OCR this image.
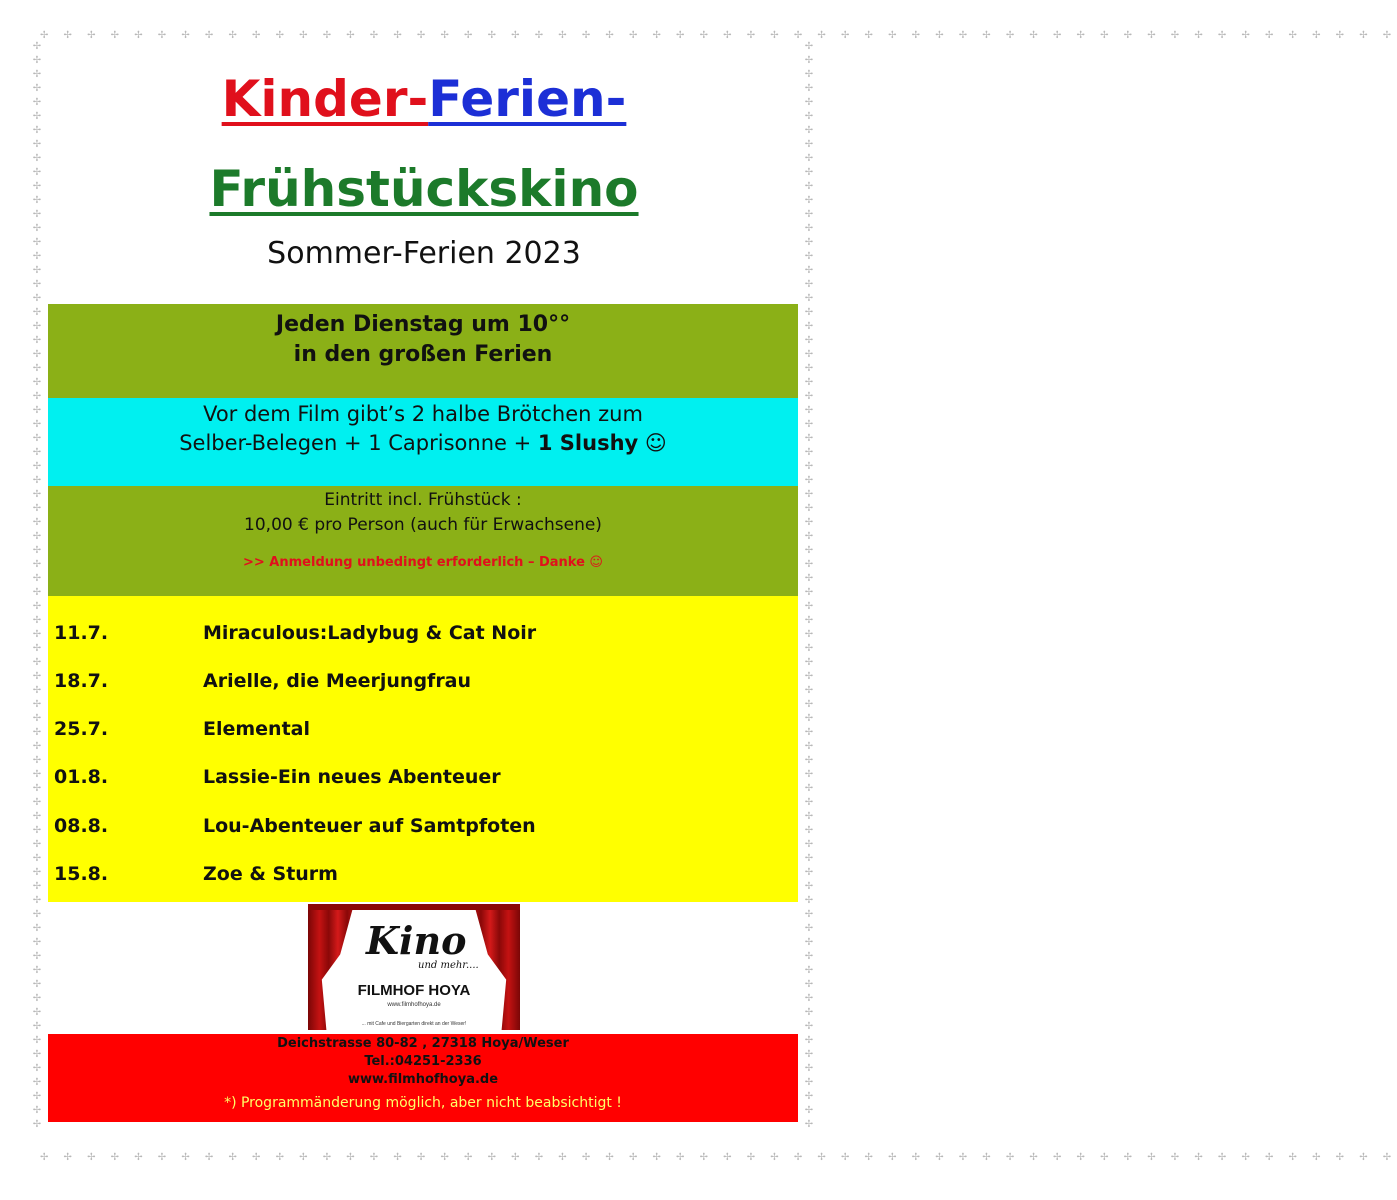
✢ ✢ ✢ ✢ ✢ ✢ ✢ ✢ ✢ ✢ ✢ ✢ ✢ ✢ ✢ ✢ ✢ ✢ ✢ ✢ ✢ ✢ ✢ ✢ ✢ ✢ ✢ ✢ ✢ ✢ ✢ ✢ ✢ ✢ ✢ ✢ ✢ ✢ ✢ ✢ ✢ ✢ ✢ ✢ ✢ ✢ ✢ ✢ ✢ ✢ ✢ ✢ ✢ ✢ ✢ ✢ ✢ ✢
✢ ✢ ✢ ✢ ✢ ✢ ✢ ✢ ✢ ✢ ✢ ✢ ✢ ✢ ✢ ✢ ✢ ✢ ✢ ✢ ✢ ✢ ✢ ✢ ✢ ✢ ✢ ✢ ✢ ✢ ✢ ✢ ✢ ✢ ✢ ✢ ✢ ✢ ✢ ✢ ✢ ✢ ✢ ✢ ✢ ✢ ✢ ✢ ✢ ✢ ✢ ✢ ✢ ✢ ✢ ✢ ✢ ✢
✢ ✢ ✢ ✢ ✢ ✢ ✢ ✢ ✢ ✢ ✢ ✢ ✢ ✢ ✢ ✢ ✢ ✢ ✢ ✢ ✢ ✢ ✢ ✢ ✢ ✢ ✢ ✢ ✢ ✢ ✢ ✢ ✢ ✢ ✢ ✢ ✢ ✢ ✢ ✢ ✢ ✢ ✢ ✢ ✢ ✢ ✢ ✢ ✢ ✢ ✢ ✢ ✢ ✢ ✢ ✢ ✢ ✢ ✢ ✢ ✢ ✢ ✢ ✢ ✢ ✢ ✢ ✢ ✢ ✢ ✢ ✢ ✢ ✢ ✢ ✢ ✢ ✢
✢ ✢ ✢ ✢ ✢ ✢ ✢ ✢ ✢ ✢ ✢ ✢ ✢ ✢ ✢ ✢ ✢ ✢ ✢ ✢ ✢ ✢ ✢ ✢ ✢ ✢ ✢ ✢ ✢ ✢ ✢ ✢ ✢ ✢ ✢ ✢ ✢ ✢ ✢ ✢ ✢ ✢ ✢ ✢ ✢ ✢ ✢ ✢ ✢ ✢ ✢ ✢ ✢ ✢ ✢ ✢ ✢ ✢ ✢ ✢ ✢ ✢ ✢ ✢ ✢ ✢ ✢ ✢ ✢ ✢ ✢ ✢ ✢ ✢ ✢ ✢ ✢ ✢
Kinder-Ferien-
Frühstückskino
Sommer-Ferien 2023
Jeden Dienstag um 10°°
in den großen Ferien
Vor dem Film gibt’s 2 halbe Brötchen zum
Selber-Belegen + 1 Caprisonne + 1 Slushy ☺
Eintritt incl. Frühstück :
10,00 € pro Person (auch für Erwachsene)
>> Anmeldung unbedingt erforderlich – Danke ☺
11.7.	Miraculous:Ladybug & Cat Noir
18.7.	Arielle, die Meerjungfrau
25.7.	Elemental
01.8.	Lassie-Ein neues Abenteuer
08.8.	Lou-Abenteuer auf Samtpfoten
15.8.	Zoe & Sturm
Kino
und mehr....
FILMHOF HOYA
www.filmhofhoya.de
... mit Cafe und Biergarten direkt an der Weser!
Deichstrasse 80-82 , 27318 Hoya/Weser
Tel.:04251-2336
www.filmhofhoya.de
*) Programmänderung möglich, aber nicht beabsichtigt !
